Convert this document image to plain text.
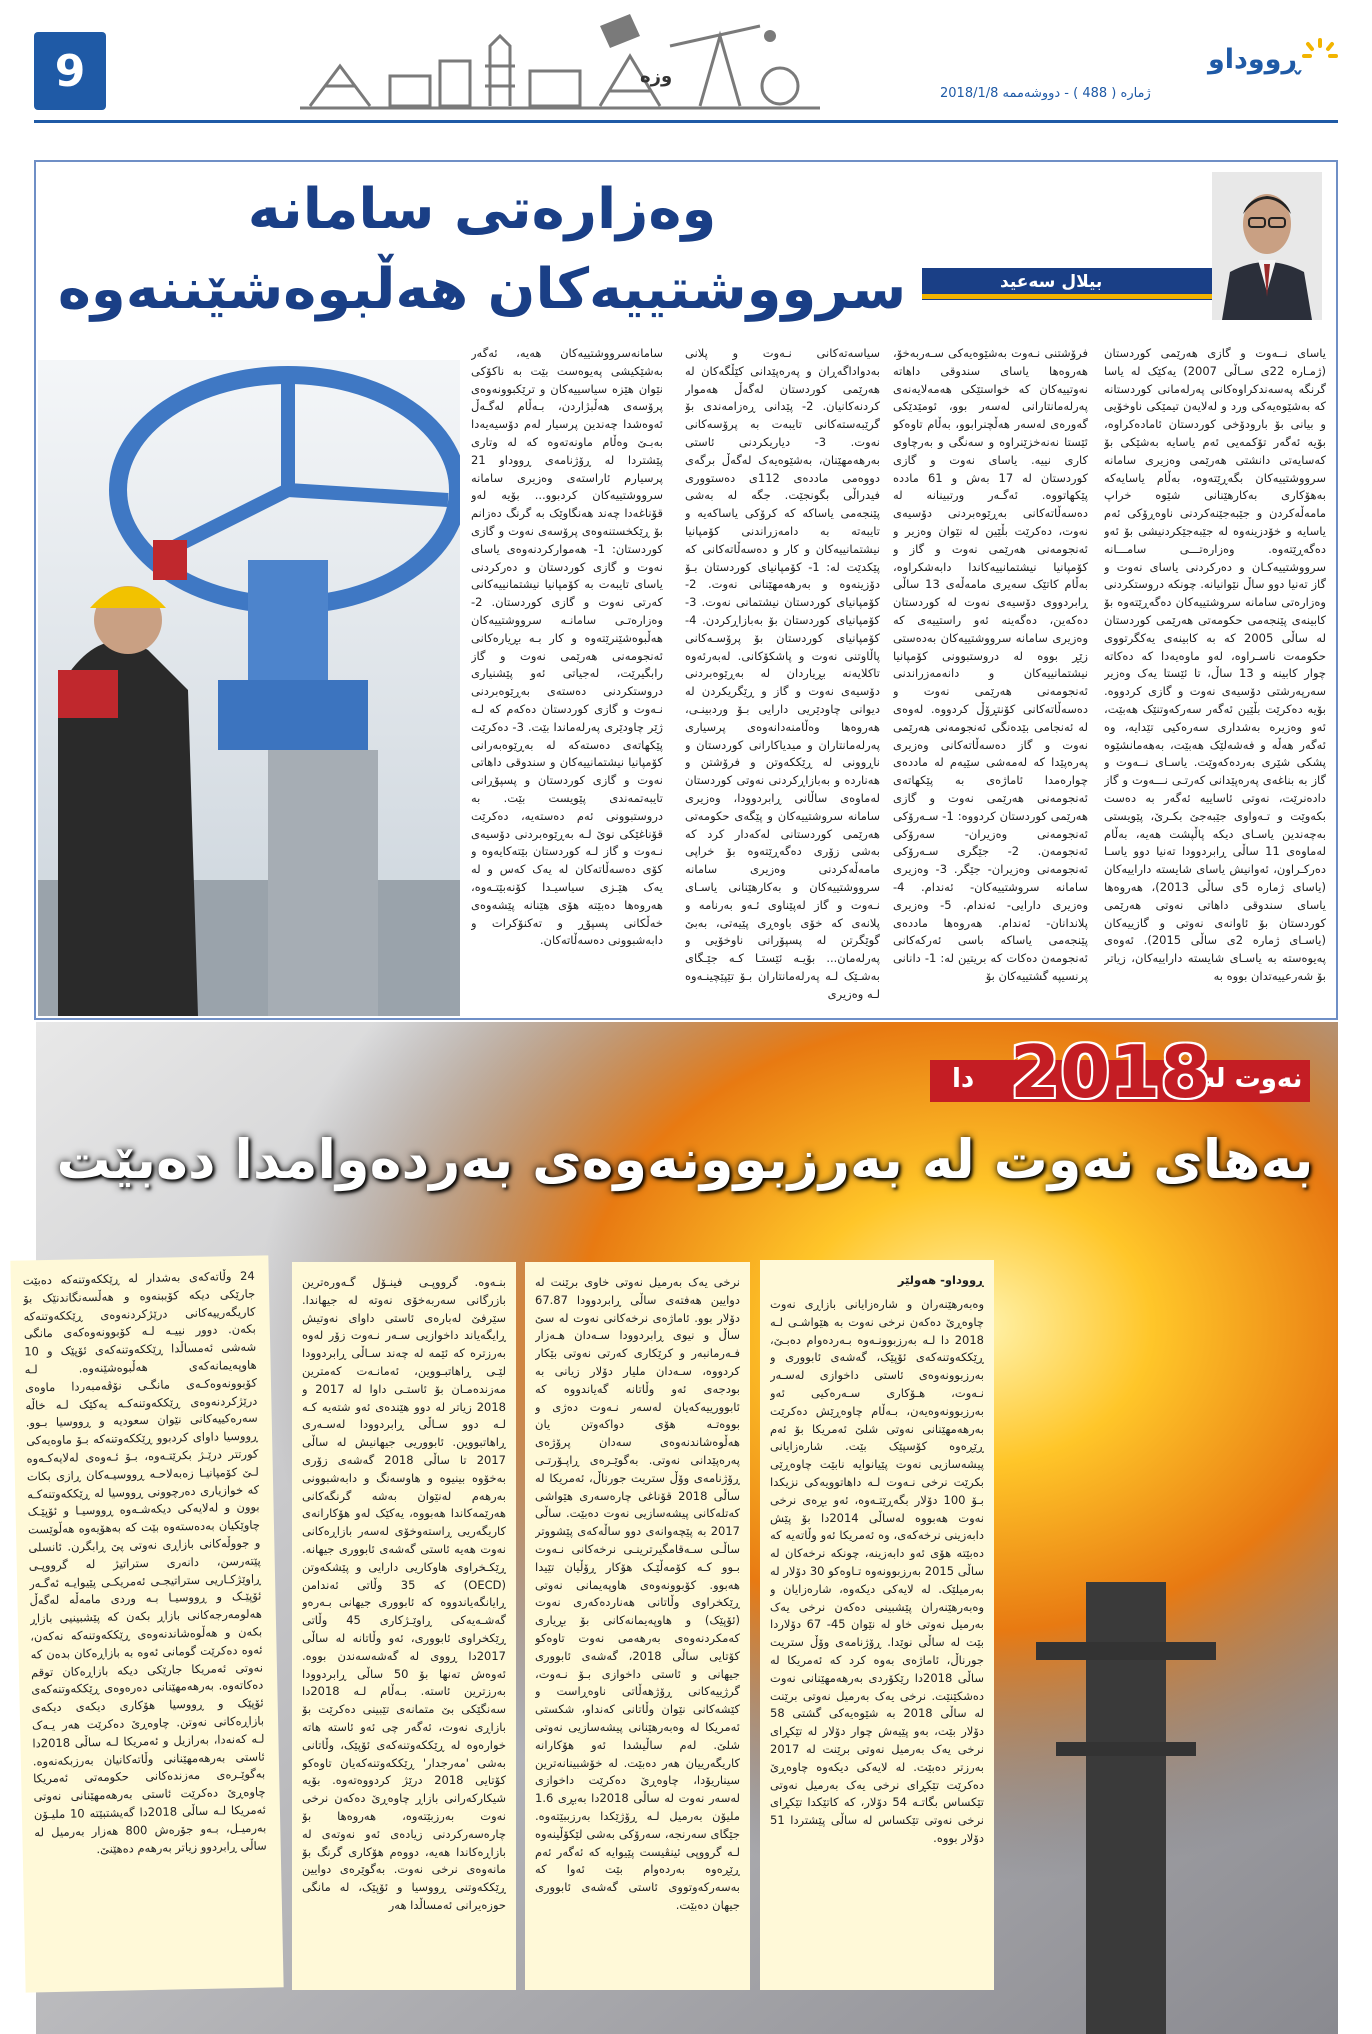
9	وزه
ڕووداو
ژماره ( 488 ) - دووشەممە 2018/1/8
وەزارەتی سامانە سرووشتییەکان هەڵبوەشێننەوە	بیلال سەعید
سامانەسرووشتییەکان هەیە، ئەگەر بەشێکیشی پەیوەست بێت بە ناکۆکی نێوان هێزە سیاسییەکان و ترێکبوونەوەی پرۆسەی هەڵبژاردن، بـەڵام لەگـەڵ ئەوەشدا چەندین پرسیار لەم دۆسیەیەدا بەبـێ وەڵام ماونەتەوە کە لە وتاری پێشتردا لە ڕۆژنامەی ڕووداو 21 پرسیارم ئاراستەی وەزیری سامانە سرووشتییەکان کردبوو... بۆیە لەو قۆناغەدا چەند هەنگاوێک بە گرنگ دەزانم بۆ ڕێکخستنەوەی پرۆسەی نەوت و گازی کوردستان: 1- هەموارکردنەوەی یاسای نەوت و گازی کوردستان و دەرکردنی یاسای تایبەت بە کۆمپانیا نیشتمانییەکانی کەرتی نەوت و گازی کوردستان. 2- وەزارەتـی سامانـە سرووشتییەکان هەڵبوەشێنرێتەوە و کار بـە بڕیارەکانی ئەنجومەنی هەرێمی نەوت و گاز رابگیرێت، لەجیاتی ئەو پێشنیاری دروستکردنی دەستەی بەڕێوەبردنی نـەوت و گازی کوردستان دەکەم کە لـە ژێر چاودێری پەرلەماندا بێت. 3- دەکرێت پێکهاتەی دەستەکە لە بەڕێوەبەرانی کۆمپانیا نیشتمانییەکان و سندوقی داهاتی نەوت و گازی کوردستان و پسپۆڕانی تایبەتمەندی پێویست بێت. بە دروستبوونی ئەم دەستەیە، دەکرێت قۆناغێکی نوێ لـە بەڕێوەبردنی دۆسیەی نـەوت و گاز لـە کوردستان بێتەکایەوە و کۆی دەسەڵاتەکان لە یەک کەس و لە یەک هێـزی سیاسیـدا کۆنەبێتـەوە، هەروەها دەبێتە هۆی هێنانە پێشەوەی خەڵکانی پسپۆڕ و تەکنۆکرات و دابەشبوونی دەسەڵاتەکان.
سیاسەتەکانی نـەوت و پلانی بەدواداگەڕان و پەرەپێدانی کێڵگەکان لە هەرێمی کوردستان لەگەڵ هەموار کردنەکانیان. 2- پێدانی ڕەزامەندی بۆ گرێبەستەکانی تایبەت بە پرۆسەکانی نەوت. 3- دیاریکردنی ئاستی بەرهەمهێنان، بەشێوەیەک لەگەڵ برگەی دووەمی ماددەی 112ی دەستووری فیدراڵی بگونجێت. جگە لە بەشی پێنجەمی یاساکە کە کرۆکی یاساکەیە و تایبەتە بە دامەزراندنی کۆمپانیا نیشتمانییەکان و کار و دەسەڵاتەکانی کە پێکدێت لە: 1- کۆمپانیای کوردستان بـۆ دۆزینەوە و بەرهەمهێنانی نەوت. 2- کۆمپانیای کوردستان نیشتمانی نەوت. 3- کۆمپانیای کوردستان بۆ بەبازاڕکردن. 4- کۆمپانیای کوردستان بۆ پرۆسـەکانی پاڵاوتنی نەوت و پاشکۆکانی. لەبەرئەوە تاکلایەنە بڕیاردان لە بەڕێوەبردنی دۆسیەی نەوت و گاز و ڕێگریکردن لە دیوانی چاودێریی دارایی بـۆ وردبینـی، هەروەها وەڵامنەدانەوەی پرسیاری پەرلەمانتاران و میدیاکارانی کوردستان و ناڕوونی لە ڕێککەوتن و فرۆشتن و هەناردە و بەبازاڕکردنی نەوتی کوردستان لەماوەی ساڵانی ڕابردوودا، وەزیری سامانە سروشتییەکان و پێگەی حکومەتی هەرێمی کوردستانی لەکەدار کرد کە بەشی زۆری دەگەڕێتەوە بۆ خراپی مامەڵەکردنی وەزیری سامانە سرووشتییەکان و بەکارهێنانی یاسـای نـەوت و گاز لەپێناوی ئـەو بەرنامە و پلانەی کە خۆی باوەڕی پێیەتی، بەبێ گوێگرتن لە پسپۆرانی ناوخۆیی و پەرلەمان... بۆیـە ئێستـا کـە جێـگای بەشـێک لـە پەرلەمانتاران بـۆ تێپێچینـەوە لـە وەزیری
فرۆشتنی نـەوت بەشێوەیەکی سـەربەخۆ، هەروەها یاسای سندوقی داهاتە نەوتییەکان کە خواستێکی هەمەلایەنەی پەرلەمانتارانی لەسەر بوو، ئومێدێکی گەورەی لەسەر هەڵچنرابوو، بەڵام تاوەکو ئێستا نەنەخزێنراوە و سەنگی و بەرچاوی کاری نییە. یاسای نەوت و گازی کوردستان لە 17 بەش و 61 ماددە پێکهاتووە. ئەگـەر ورتبینانە لە دەسەڵاتەکانی بەڕێوەبردنی دۆسیەی نەوت، دەکرێت بڵێین لە نێوان وەزیر و ئەنجومەنی هەرێمی نەوت و گاز و کۆمپانیا نیشتمانییەکاندا دابەشکراوە، بەڵام کاتێک سەیری مامەڵەی 13 ساڵی ڕابردووی دۆسیەی نەوت لە کوردستان دەکەین، دەگەینە ئەو راستییەی کە وەزیری سامانە سرووشتییەکان بەدەستی زێڕ بووە لە دروستبوونی کۆمپانیا نیشتمانییەکان و دانەمەزراندنی ئەنجومەنی هەرێمی نەوت و دەسەڵاتەکانی کۆنتڕۆڵ کردووە. لەوەی لە ئەنجامی بێدەنگی ئەنجومەنی هەرێمی نەوت و گاز دەسەڵاتەکانی وەزیری پەرەپێدا کە لەمەشی سێیەم لە ماددەی چوارەمدا ئاماژەی بە پێکهاتەی ئەنجومەنی هەرێمی نەوت و گازی هەرێمی کوردستان کردووە: 1- سـەرۆکی ئەنجومەنی وەزیران- سەرۆکی ئەنجومەن. 2- جێگری سـەرۆکی ئەنجومەنی وەزیران- جێگر. 3- وەزیری سامانە سروشتییەکان- ئەندام. 4- وەزیری دارایی- ئەندام. 5- وەزیری پلاندانان- ئەندام. هەروەها ماددەی پێنجەمی یاساکە باسی ئەرکەکانی ئەنجومەن دەکات کە بریتین لە: 1- دانانی پرنسیپە گشتییەکان بۆ
یاسای نــەوت و گازی هەرێمی کوردستان (ژمـارە 22ی سـاڵی 2007) یەکێک لە یاسا گرنگە پەسەندکراوەکانی پەرلەمانی کوردستانە کە بەشێوەیەکی ورد و لەلایەن تیمێکی ناوخۆیی و بیانی بۆ بارودۆخی کوردستان ئامادەکراوە، بۆیە ئەگەر تۆکمەیی ئەم یاسایە بەشێکی بۆ کەسایەتی دانشتی هەرێمی وەزیری سامانە سرووشتییەکان بگەڕێتەوە، بەڵام یاسایەکە بەهۆکاری بەکارهێنانی شێوە خراپ مامەڵەکردن و جێبەجێنەکردنی ناوەڕۆکی ئەم یاسایە و خۆدزینەوە لە جێبەجێکردنیشی بۆ ئەو دەگەڕێتەوە. وەزارەتـــی سامـــانە سرووشتییەکـان و دەرکردنی یاسای نەوت و گاز تەنیا دوو ساڵ نێوانیانە. چونکە دروستکردنی وەزارەتی سامانە سروشتییەکان دەگەڕێتەوە بۆ کابینەی پێنجەمی حکومەتی هەرێمی کوردستان لە ساڵی 2005 کە بە کابینەی یەکگرتووی حکومەت ناسـراوە، لەو ماوەیەدا کە دەکاتە چوار کابینە و 13 ساڵ، تا ئێستا یەک وەزیر سەرپەرشتی دۆسیەی نەوت و گازی کردووە. بۆیە دەکرێت بڵێین ئەگەر سەرکەوتنێک هەبێت، ئەو وەزیرە بەشداری سەرەکیی تێدایە، وە ئەگەر هەڵە و فەشەلێک هەبێت، بەهەمانشێوە پشکی شێری بەردەکەوێت. یاسـای نــەوت و گاز بە بناغەی پەرەپێدانی کەرتـی نـــەوت و گاز دادەنرێت، نەوتی ئاساییە ئەگەر بە دەست بکەوێت و تـەواوی جێبەجێ بکـرێ، پێویستی بەچەندین یاسـای دیکە پاڵپشت هەیە، بەڵام لەماوەی 11 ساڵی ڕابردوودا تەنیا دوو یاسـا دەرکـراون، ئەوانیش یاسای شایستە داراییەکان (یاسای ژمارە 5ی ساڵی 2013)، هەروەها یاسای سندوقی داهاتی نەوتی هەرێمی کوردستان بۆ ئاوانەی نەوتی و گازییەکان (یاسـای ژمارە 2ی ساڵی 2015). ئەوەی پەیوەستە بە یاسـای شایستە داراییەکان، زیاتر بۆ شەرعییەتدان بووە بە
نەوت لە
2018
دا
بەهای نەوت لە بەرزبوونەوەی بەردەوامدا دەبێت
ڕووداو- هەولێر
وەبەرهێنەران و شارەزایانی بازاڕی نەوت چاوەڕێ دەکەن نرخی نەوت بە هێواشـی لـە 2018 دا لـە بەرزبوونـەوە بـەردەوام دەبـێ، ڕێککەوتنەکەی ئۆپێک، گەشەی ئابووری و بەرزبوونەوەی ئاستی داخوازی لەسـەر نـەوت، هـۆکاری سـەرەکیی ئەو بەرزبوونەوەیەن، بـەڵام چاوەڕێش دەکرێت بەرهەمهێنانی نەوتی شلێ ئەمریکا بۆ ئەم ڕێڕەوە کۆسپێک بێت. شارەزایانی پیشەسازیی نەوت پێیانوایە نابێت چاوەڕێی بکرێت نرخی نـەوت لـە داهاتوویەکی نزیکدا بـۆ 100 دۆلار بگەڕێتـەوە، ئەو بڕەی نرخی نەوت هەبووە لەساڵی 2014دا بۆ پێش دابەزینی نرخەکەی، وە ئەمریکا ئەو وڵاتەیە کە دەبێتە هۆی ئەو دابەزینە، چونکە نرخەکان لە ساڵی 2015 بەرزبوونەوە تـاوەکو 30 دۆلار لە بەرمیلێک. لە لایەکی دیکەوە، شارەزایان و وەبەرهێنەران پێشبینی دەکەن نرخی یەک بەرمیل نەوتی خاو لە نێوان 45- 67 دۆلاردا بێت لە ساڵی نوێدا. ڕۆژنامەی وۆڵ ستریت جورناڵ، ئاماژەی بەوە کرد کە ئەمریکا لە ساڵی 2018دا رێکۆردی بەرهەمهێنانی نەوت دەشکێنێت. نرخی یەک بەرمیل نەوتی برێنت لە ساڵی 2018 بە شێوەیەکی گشتی 58 دۆلار بێت، بەو پێیەش چوار دۆلار لە تێکڕای نرخی یەک بەرمیل نەوتی برێنت لە 2017 بەرزتر دەبێت. لە لایەکی دیکەوە چاوەڕێ دەکرێت تێکڕای نرخی یەک بەرمیل نەوتی تێکساس بگاتـە 54 دۆلار، کە کاتێکدا تێکڕای نرخی نەوتی تێکساس لە ساڵی پێشتردا 51 دۆلار بووە.
نرخی یەک بەرمیل نەوتی خاوی برێنت لە دوایین هەفتەی ساڵی ڕابردوودا 67.87 دۆلار بوو. ئاماژەی نرخەکانی نەوت لە سێ ساڵ و نیوی ڕابردوودا سـەدان هـەزار فـەرمانبەر و کرێکاری کەرتی نەوتی بێکار کردووە، سـەدان ملیار دۆلار زیانی بە بودجەی ئەو وڵاتانە گەیاندووە کە ئابوورییەکەیان لەسەر نـەوت دەژی و بووەتـە هۆی دواکەوتن یان هەڵوەشاندنەوەی سەدان پرۆژەی پەرەپێدانی نەوتی. بەگوێـرەی ڕاپـۆرتـی ڕۆژنامەی وۆڵ ستریت جورناڵ، ئەمریکا لە ساڵی 2018 قۆناغی چارەسەری هێواشی کەتلەکانی پیشەسازیی نەوت دەبێت. ساڵی 2017 بە پێچەوانەی دوو ساڵەکەی پێشووتر ساڵـی سـەقامگیرترینـی نرخەکانی نـەوت بـوو کـە کۆمەڵێـک هۆکار ڕۆڵیان تێیدا هەبوو. کۆبوونەوەی هاوپەیمانی نەوتی ڕێکخراوی وڵاتانی هەناردەکەری نەوت (ئۆپێک) و هاوپەیمانەکانی بۆ بڕیاری کەمکردنەوەی بەرهەمی نەوت تاوەکو کۆتایی ساڵی 2018، گەشەی ئابووری جیهانی و ئاستی داخوازی بـۆ نـەوت، گرژییەکانی ڕۆژهەڵاتی ناوەڕاست و کێشەکانی نێوان وڵاتانی کەنداو، شکستی ئەمریکا لە وەبەرهێنانی پیشەسازیی نەوتی شلێ. لەم ساڵیشدا ئەو هۆکارانە کاریگەرییان هەر دەبێت. لە خۆشبینانەترین سیناریۆدا، چاوەڕێ دەکرێت داخوازی لەسەر نەوت لە ساڵی 2018دا بەبڕی 1.6 ملیۆن بەرمیل لـە ڕۆژێکدا بەرزببێتەوە. جێگای سەرنجە، سەرۆکی بەشی لێکۆڵینەوە لـە گرووپی ئینڤیست پێیوایە کە ئەگەر ئەم ڕێڕەوە بەردەوام بێت ئەوا کە بەسەرکەوتووی ئاستی گەشەی ئابووری جیهان دەبێت.
بنـەوە. گرووپـی فینـۆل گـەورەترین بازرگانی سەربەخۆی نەوتە لە جیهاندا. سێرفێ لەبارەی ئاستی داوای نەوتیش ڕایگەیاند داخوازیی سـەر نـەوت زۆر لەوە بەرزترە کە ئێمە لە چەند سـاڵی ڕابردوودا لێـی ڕاهاتبـووین، ئەمانـەت کەمترین مەزندەمـان بۆ ئاستـی داوا لە 2017 و 2018 زیاتر لە دوو هێندەی ئەو شتەیە کـە لـە دوو سـاڵی ڕابردوودا لەسـەری ڕاهاتبووین. ئابووریی جیهانیش لە ساڵی 2017 تا ساڵی 2018 گەشەی زۆری بەخۆوە بینیوە و هاوسەنگ و دابەشبوونی بەرهەم لەنێوان بەشە گرنگەکانی هەرێمەکاندا هەبووە، یەکێک لەو هۆکارانەی کاریگەریی ڕاستەوخۆی لەسەر بازاڕەکانی نەوت هەیە ئاستی گەشەی ئابووری جیهانە. ڕێکـخراوی هاوکاریی دارایی و پێشکەوتن (OECD) کە 35 وڵاتی ئەندامن ڕایانگەیاندووە کە ئابووری جیهانی بـەرەو گەشـەیەکی ڕاوێـژکاری 45 وڵاتی ڕێکخراوی ئابووری، ئەو وڵاتانە لە ساڵی 2017دا ڕووی لە گەشەسەندن بووە. ئەوەش تەنها بۆ 50 ساڵی ڕابردوودا بەرزترین ئاستە. بـەڵام لـە 2018دا سەنگێکی بێ متمانەی تێبینی دەکرێت بۆ بازاڕی نەوت، ئەگەر چی ئەو ئاستە هاتە خوارەوە لە ڕێککەوتنەکەی ئۆپێک، وڵاتانی بەشی 'مەرجدار' ڕێککەوتنەکەیان تاوەکو کۆتایی 2018 درێژ کردووەتەوە. بۆیە شیکارکەرانی بازاڕ چاوەڕێ دەکەن نرخی نەوت بەرزبێتەوە، هەروەها بۆ چارەسەرکردنی زیادەی ئەو نەوتەی لە بازاڕەکاندا هەیە، دووەم هۆکاری گرنگ بۆ مانەوەی نرخی نەوت. بەگوێرەی دوایین ڕێککەوتنی ڕووسیا و ئۆپێک، لە مانگی حوزەیرانی ئەمساڵدا هەر
24 وڵاتەکەی بەشدار لە ڕێککەوتنەکە دەبێت جارێکی دیکە کۆببنەوە و هەڵسەنگاندنێک بۆ کاریگەرییەکانی درێژکردنەوەی ڕێککەوتنەکە بکەن. دوور نییـە لـە کۆبوونەوەکەی مانگی شەشی ئەمساڵدا ڕێککەوتنەکەی ئۆپێک و 10 هاوپەیمانەکەی هەڵبوەشێنەوە. لـە کۆبوونەوەکـەی مانگـی نۆڤەمبەردا ماوەی درێژکردنەوەی ڕێککەوتنەکـە یەکێک لـە خاڵە سەرەکییەکانی نێوان سعودیە و ڕووسیا بـوو. ڕووسیا داوای کردبوو ڕێککەوتنەکە بـۆ ماوەیەکی کورتتر درێـژ بکرێتـەوە، بـۆ ئـەوەی لەلایەکـەوە لـێ کۆمپانیـا زەبەلاحـە ڕووسیـەکان ڕازی بکات کە خوازیاری دەرچوونی ڕووسیا لە ڕێککەوتنەکـە بوون و لەلایەکی دیکەشـەوە ڕووسیـا و ئۆپێـک چاوێکیان بەدەستەوە بێت کە بەهۆیەوە هەڵوێست و جووڵەکانی بازاڕی نەوتی پێ ڕابگرن. ئانسلی پێتەرسن، دانەری ستراتیژ لە گرووپـی ڕاوێژکـاریی ستراتیجـی ئەمریکـی پێیوایـە ئەگـەر ئۆپێـک و ڕووسیـا بـە وردی مامەڵە لەگەڵ هەلومەرجەکانی بازاڕ بکەن کە پێشبینیی بازاڕ بکەن و هەڵوەشاندنەوەی ڕێککەوتنەکە نەکەن، ئەوە دەکرێت گومانی ئەوە بە بازاڕەکان بدەن کە نەوتی ئەمریکا جارێکی دیکە بازاڕەکان توقم دەکاتەوە. بەرهەمهێنانی دەرەوەی ڕێککەوتنەکەی ئۆپێک و ڕووسیا هۆکاری دیکەی دیکەی بازاڕەکانی نەوتن. چاوەڕێ دەکرێت هەر یـەک لـە کەنەدا، بەرازیل و ئەمریکا لـە ساڵی 2018دا ئاستی بەرهەمهێنانی وڵاتەکانیان بەرزبکەنەوە. بەگوێـرەی مەزندەکانی حکومەتی ئەمریکا چاوەڕێ دەکرێت ئاستی بەرهەمهێنانی نەوتی ئەمریکا لـە ساڵی 2018دا گەیشتبێتە 10 ملیـۆن بەرمیـل، بـەو جۆرەش 800 هەزار بەرمیل لە ساڵی ڕابردوو زیاتر بەرهەم دەهێنێ.
